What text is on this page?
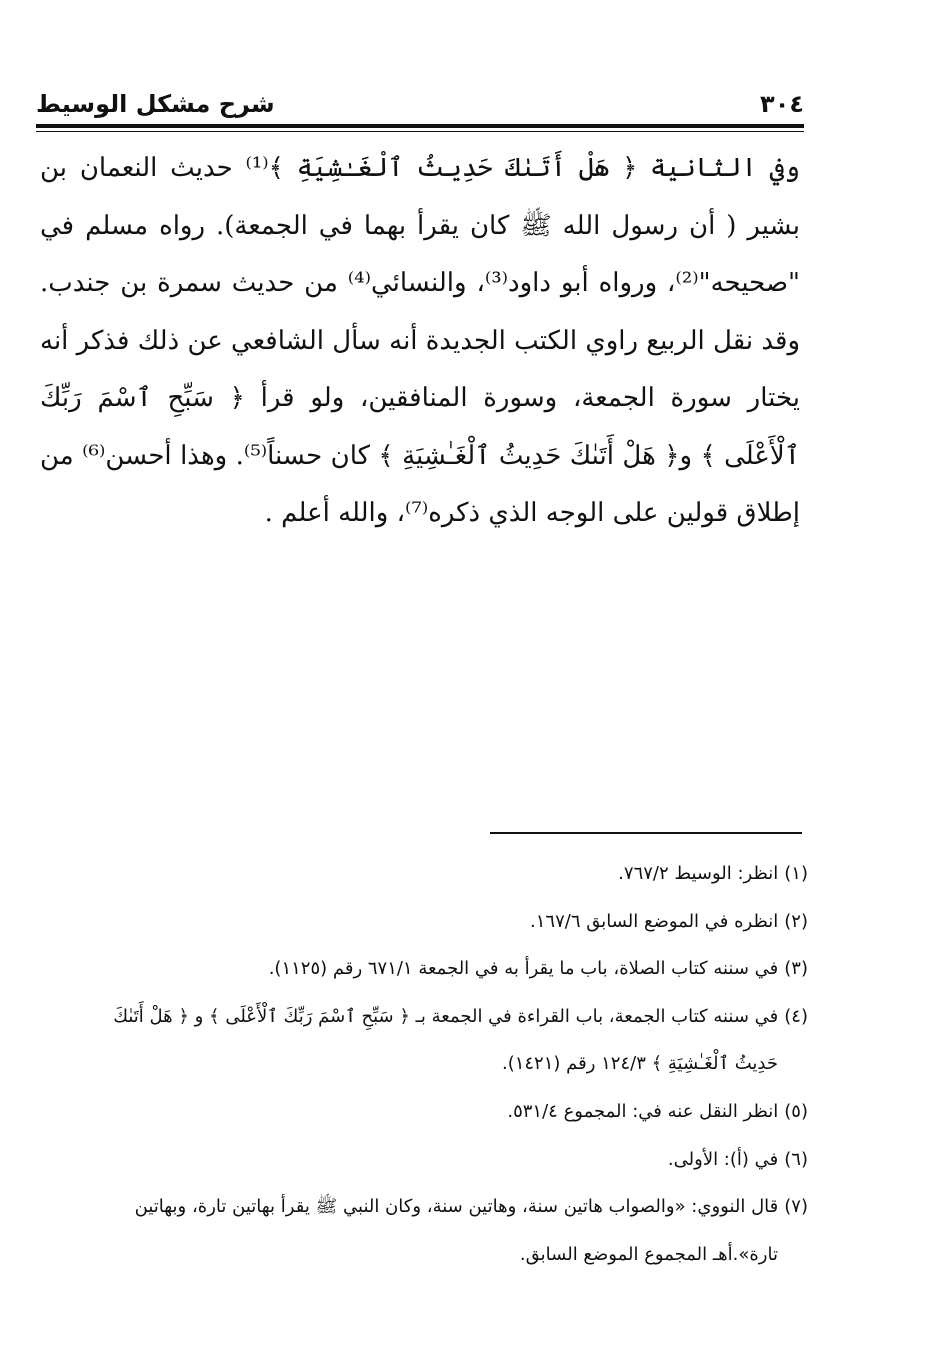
٣٠٤
شرح مشكل الوسيط

وفي الثانية ﴿ هَلْ أَتَىٰكَ حَدِيثُ ٱلْغَـٰشِيَةِ ﴾⁽¹⁾ حديث النعمان بن بشير ( أن رسول الله ﷺ كان يقرأ بهما في الجمعة). رواه مسلم في "صحيحه"⁽²⁾، ورواه أبو داود⁽³⁾، والنسائي⁽⁴⁾ من حديث سمرة بن جندب. وقد نقل الربيع راوي الكتب الجديدة أنه سأل الشافعي عن ذلك فذكر أنه يختار سورة الجمعة، وسورة المنافقين، ولو قرأ ﴿ سَبِّحِ ٱسْمَ رَبِّكَ ٱلْأَعْلَى ﴾ و﴿ هَلْ أَتَىٰكَ حَدِيثُ ٱلْغَـٰشِيَةِ ﴾ كان حسناً⁽⁵⁾. وهذا أحسن⁽⁶⁾ من إطلاق قولين على الوجه الذي ذكره⁽⁷⁾، والله أعلم .

(١)انظر: الوسيط ٧٦٧/٢.

(٢)انظره في الموضع السابق ١٦٧/٦.

(٣)في سننه كتاب الصلاة، باب ما يقرأ به في الجمعة ٦٧١/١ رقم (١١٢٥).

(٤)في سننه كتاب الجمعة، باب القراءة في الجمعة بـ ﴿ سَبِّحِ ٱسْمَ رَبِّكَ ٱلْأَعْلَى ﴾ و ﴿ هَلْ أَتَىٰكَ
حَدِيثُ ٱلْغَـٰشِيَةِ ﴾ ١٢٤/٣ رقم (١٤٢١).

(٥)انظر النقل عنه في: المجموع ٥٣١/٤.

(٦)في (أ): الأولى.

(٧)قال النووي: «والصواب هاتين سنة، وهاتين سنة، وكان النبي ﷺ يقرأ بهاتين تارة، وبهاتين
تارة».أهـ المجموع الموضع السابق.
